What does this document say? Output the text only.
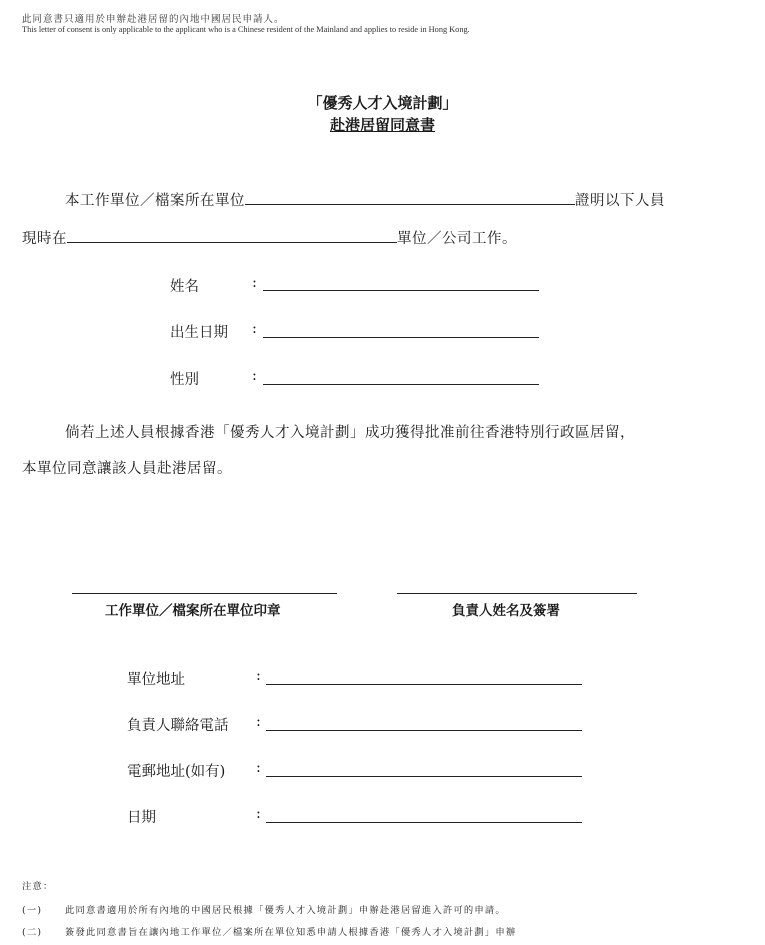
此同意書只適用於申辦赴港居留的內地中國居民申請人。
This letter of consent is only applicable to the applicant who is a Chinese resident of the Mainland and applies to reside in Hong Kong.
「優秀人才入境計劃」
赴港居留同意書
本工作單位／檔案所在單位	證明以下人員
現時在	單位／公司工作。
姓名	:
出生日期 :
性別	:
倘若上述人員根據香港「優秀人才入境計劃」成功獲得批准前往香港特別行政區居留，
本單位同意讓該人員赴港居留。
工作單位／檔案所在單位印章	負責人姓名及簽署
單位地址	:
負責人聯絡電話 :
電郵地址(如有) :
日期	:
注意：
(一) 此同意書適用於所有內地的中國居民根據「優秀人才入境計劃」申辦赴港居留進入許可的申請。
(二) 簽發此同意書旨在讓內地工作單位／檔案所在單位知悉申請人根據香港「優秀人才入境計劃」申辦
